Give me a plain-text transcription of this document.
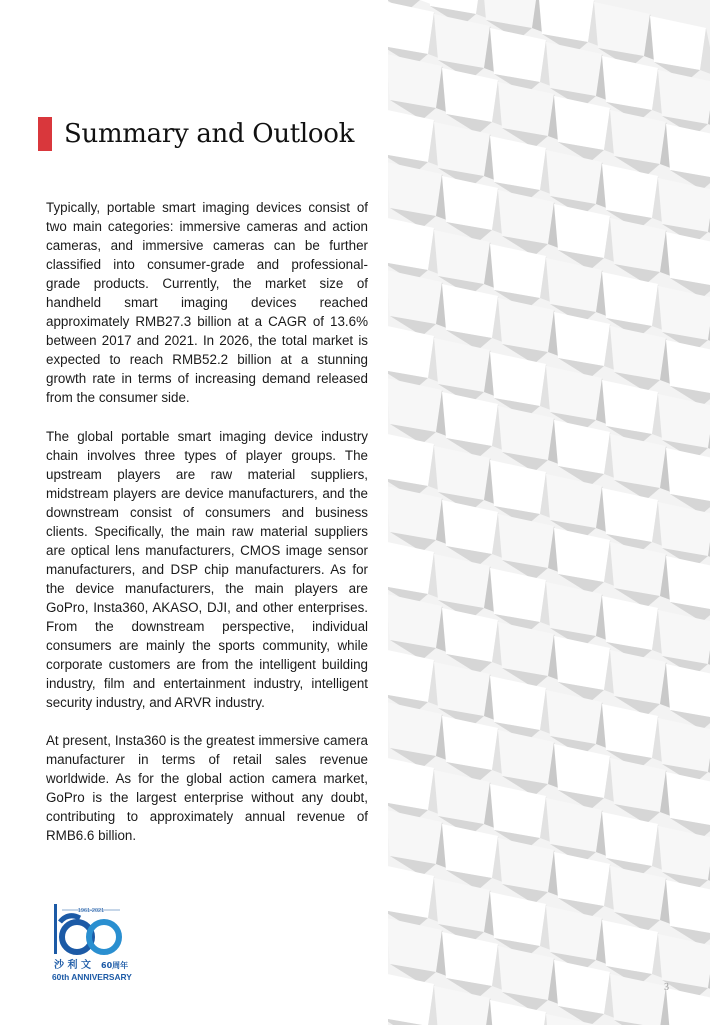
Summary and Outlook

Typically, portable smart imaging devices consist of two main categories: immersive cameras and action cameras, and immersive cameras can be further classified into consumer-grade and professional-grade products. Currently, the market size of handheld smart imaging devices reached approximately RMB27.3 billion at a CAGR of 13.6% between 2017 and 2021. In 2026, the total market is expected to reach RMB52.2 billion at a stunning growth rate in terms of increasing demand released from the consumer side.

The global portable smart imaging device industry chain involves three types of player groups. The upstream players are raw material suppliers, midstream players are device manufacturers, and the downstream consist of consumers and business clients. Specifically, the main raw material suppliers are optical lens manufacturers, CMOS image sensor manufacturers, and DSP chip manufacturers. As for the device manufacturers, the main players are GoPro, Insta360, AKASO, DJI, and other enterprises. From the downstream perspective, individual consumers are mainly the sports community, while corporate customers are from the intelligent building industry, film and entertainment industry, intelligent security industry, and ARVR industry.

At present, Insta360 is the greatest immersive camera manufacturer in terms of retail sales revenue worldwide. As for the global action camera market, GoPro is the largest enterprise without any doubt, contributing to approximately annual revenue of RMB6.6 billion.

1961-2021
沙 利 文 60周年
60th ANNIVERSARY
3
